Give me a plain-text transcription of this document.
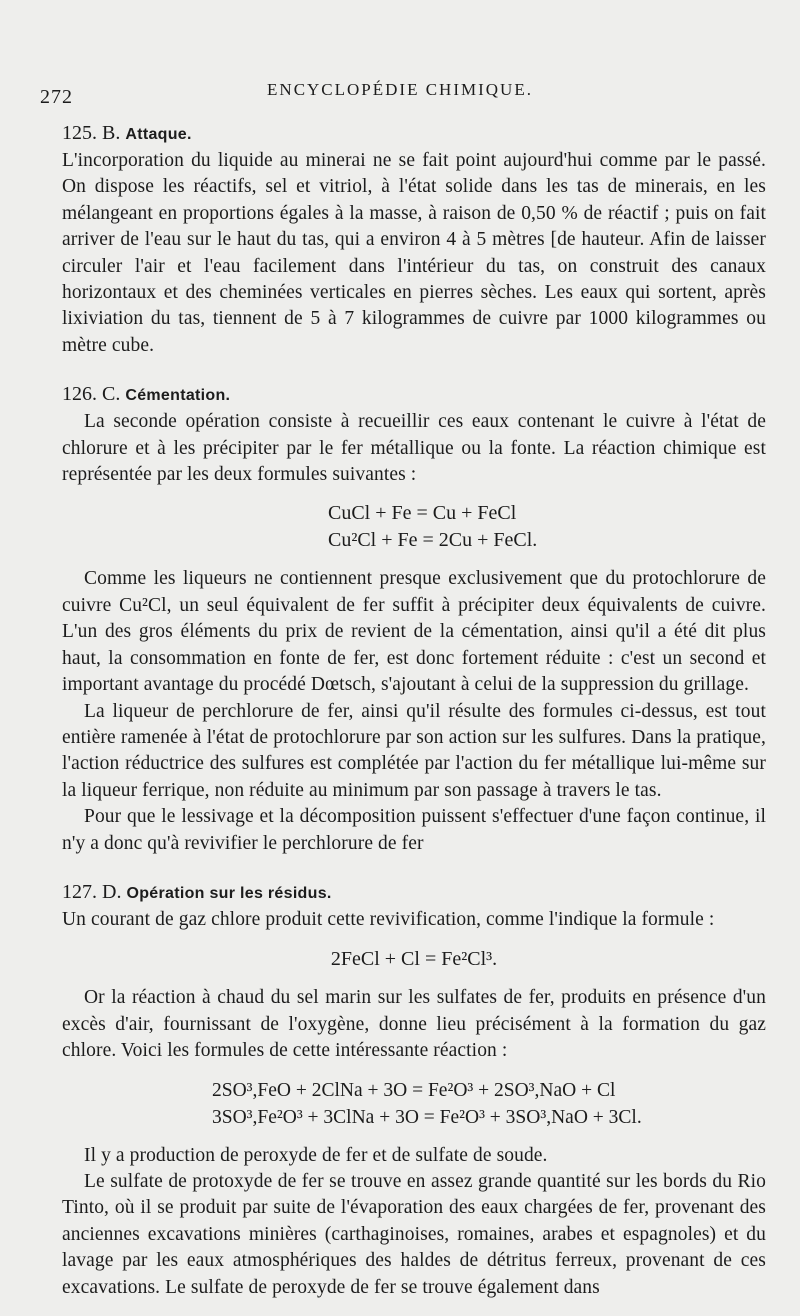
272	ENCYCLOPÉDIE CHIMIQUE.
125. B. Attaque.

L'incorporation du liquide au minerai ne se fait point aujourd'hui comme par le passé. On dispose les réactifs, sel et vitriol, à l'état solide dans les tas de minerais, en les mélangeant en proportions égales à la masse, à raison de 0,50 % de réactif ; puis on fait arriver de l'eau sur le haut du tas, qui a environ 4 à 5 mètres [de hauteur. Afin de laisser circuler l'air et l'eau facilement dans l'intérieur du tas, on construit des canaux horizontaux et des cheminées verticales en pierres sèches. Les eaux qui sortent, après lixiviation du tas, tiennent de 5 à 7 kilogrammes de cuivre par 1000 kilogrammes ou mètre cube.

126. C. Cémentation.

La seconde opération consiste à recueillir ces eaux contenant le cuivre à l'état de chlorure et à les précipiter par le fer métallique ou la fonte. La réaction chimique est représentée par les deux formules suivantes :

CuCl + Fe = Cu + FeCl
Cu²Cl + Fe = 2Cu + FeCl.

Comme les liqueurs ne contiennent presque exclusivement que du protochlorure de cuivre Cu²Cl, un seul équivalent de fer suffit à précipiter deux équivalents de cuivre. L'un des gros éléments du prix de revient de la cémentation, ainsi qu'il a été dit plus haut, la consommation en fonte de fer, est donc fortement réduite : c'est un second et important avantage du procédé Dœtsch, s'ajoutant à celui de la suppression du grillage.

La liqueur de perchlorure de fer, ainsi qu'il résulte des formules ci-dessus, est tout entière ramenée à l'état de protochlorure par son action sur les sulfures. Dans la pratique, l'action réductrice des sulfures est complétée par l'action du fer métallique lui-même sur la liqueur ferrique, non réduite au minimum par son passage à travers le tas.

Pour que le lessivage et la décomposition puissent s'effectuer d'une façon continue, il n'y a donc qu'à revivifier le perchlorure de fer

127. D. Opération sur les résidus.

Un courant de gaz chlore produit cette revivification, comme l'indique la formule :

2FeCl + Cl = Fe²Cl³.

Or la réaction à chaud du sel marin sur les sulfates de fer, produits en présence d'un excès d'air, fournissant de l'oxygène, donne lieu précisément à la formation du gaz chlore. Voici les formules de cette intéressante réaction :

2SO³,FeO + 2ClNa + 3O = Fe²O³ + 2SO³,NaO + Cl
3SO³,Fe²O³ + 3ClNa + 3O = Fe²O³ + 3SO³,NaO + 3Cl.

Il y a production de peroxyde de fer et de sulfate de soude.

Le sulfate de protoxyde de fer se trouve en assez grande quantité sur les bords du Rio Tinto, où il se produit par suite de l'évaporation des eaux chargées de fer, provenant des anciennes excavations minières (carthaginoises, romaines, arabes et espagnoles) et du lavage par les eaux atmosphériques des haldes de détritus ferreux, provenant de ces excavations. Le sulfate de peroxyde de fer se trouve également dans
